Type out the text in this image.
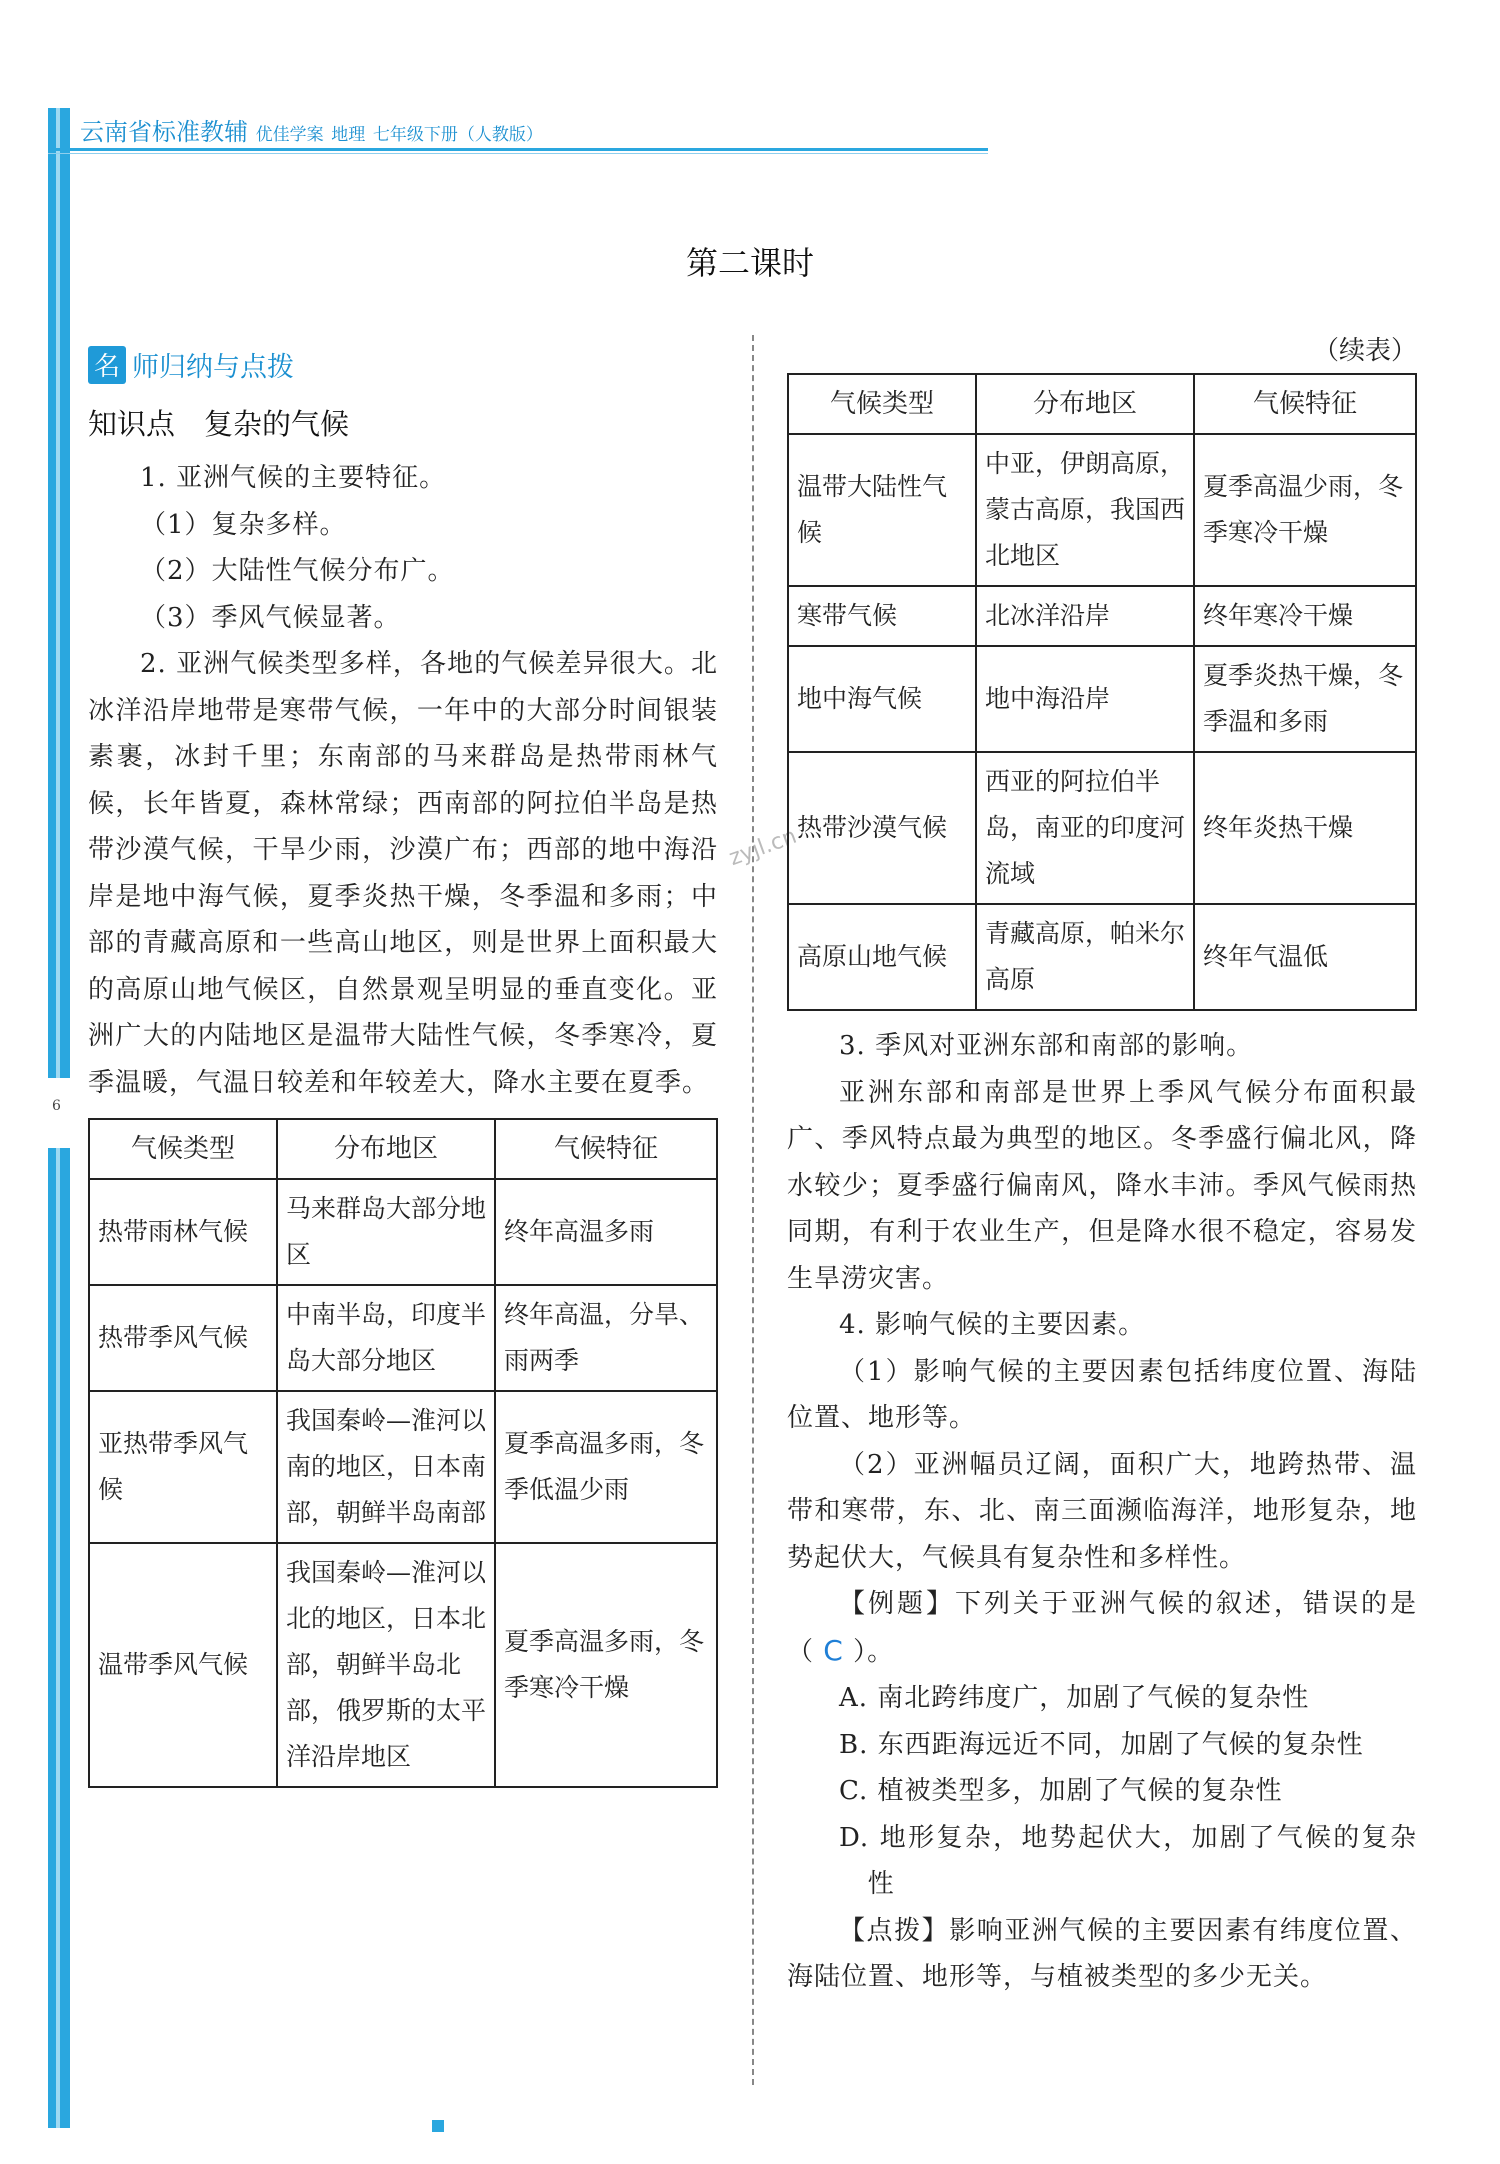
云南省标准教辅 优佳学案 地理 七年级下册（人教版）
6
zyjl.cn
第二课时
名 师归纳与点拨
知识点　复杂的气候

1. 亚洲气候的主要特征。

（1）复杂多样。

（2）大陆性气候分布广。

（3）季风气候显著。

2. 亚洲气候类型多样，各地的气候差异很大。北冰洋沿岸地带是寒带气候，一年中的大部分时间银装素裹，冰封千里；东南部的马来群岛是热带雨林气候，长年皆夏，森林常绿；西南部的阿拉伯半岛是热带沙漠气候，干旱少雨，沙漠广布；西部的地中海沿岸是地中海气候，夏季炎热干燥，冬季温和多雨；中部的青藏高原和一些高山地区，则是世界上面积最大的高原山地气候区，自然景观呈明显的垂直变化。亚洲广大的内陆地区是温带大陆性气候，冬季寒冷，夏季温暖，气温日较差和年较差大，降水主要在夏季。

气候类型	分布地区	气候特征
热带雨林气候	马来群岛大部分地区	终年高温多雨
热带季风气候	中南半岛，印度半岛大部分地区	终年高温，分旱、雨两季
亚热带季风气候	我国秦岭—淮河以南的地区，日本南部，朝鲜半岛南部	夏季高温多雨，冬季低温少雨
温带季风气候	我国秦岭—淮河以北的地区，日本北部，朝鲜半岛北部，俄罗斯的太平洋沿岸地区	夏季高温多雨，冬季寒冷干燥
（续表）
气候类型	分布地区	气候特征
温带大陆性气候	中亚，伊朗高原，蒙古高原，我国西北地区	夏季高温少雨，冬季寒冷干燥
寒带气候	北冰洋沿岸	终年寒冷干燥
地中海气候	地中海沿岸	夏季炎热干燥，冬季温和多雨
热带沙漠气候	西亚的阿拉伯半岛，南亚的印度河流域	终年炎热干燥
高原山地气候	青藏高原，帕米尔高原	终年气温低

3. 季风对亚洲东部和南部的影响。

亚洲东部和南部是世界上季风气候分布面积最广、季风特点最为典型的地区。冬季盛行偏北风，降水较少；夏季盛行偏南风，降水丰沛。季风气候雨热同期，有利于农业生产，但是降水很不稳定，容易发生旱涝灾害。

4. 影响气候的主要因素。

（1）影响气候的主要因素包括纬度位置、海陆位置、地形等。

（2）亚洲幅员辽阔，面积广大，地跨热带、温带和寒带，东、北、南三面濒临海洋，地形复杂，地势起伏大，气候具有复杂性和多样性。

【例题】下列关于亚洲气候的叙述，错误的是（ C ）。

A. 南北跨纬度广，加剧了气候的复杂性

B. 东西距海远近不同，加剧了气候的复杂性

C. 植被类型多，加剧了气候的复杂性

D. 地形复杂，地势起伏大，加剧了气候的复杂性

【点拨】影响亚洲气候的主要因素有纬度位置、海陆位置、地形等，与植被类型的多少无关。
